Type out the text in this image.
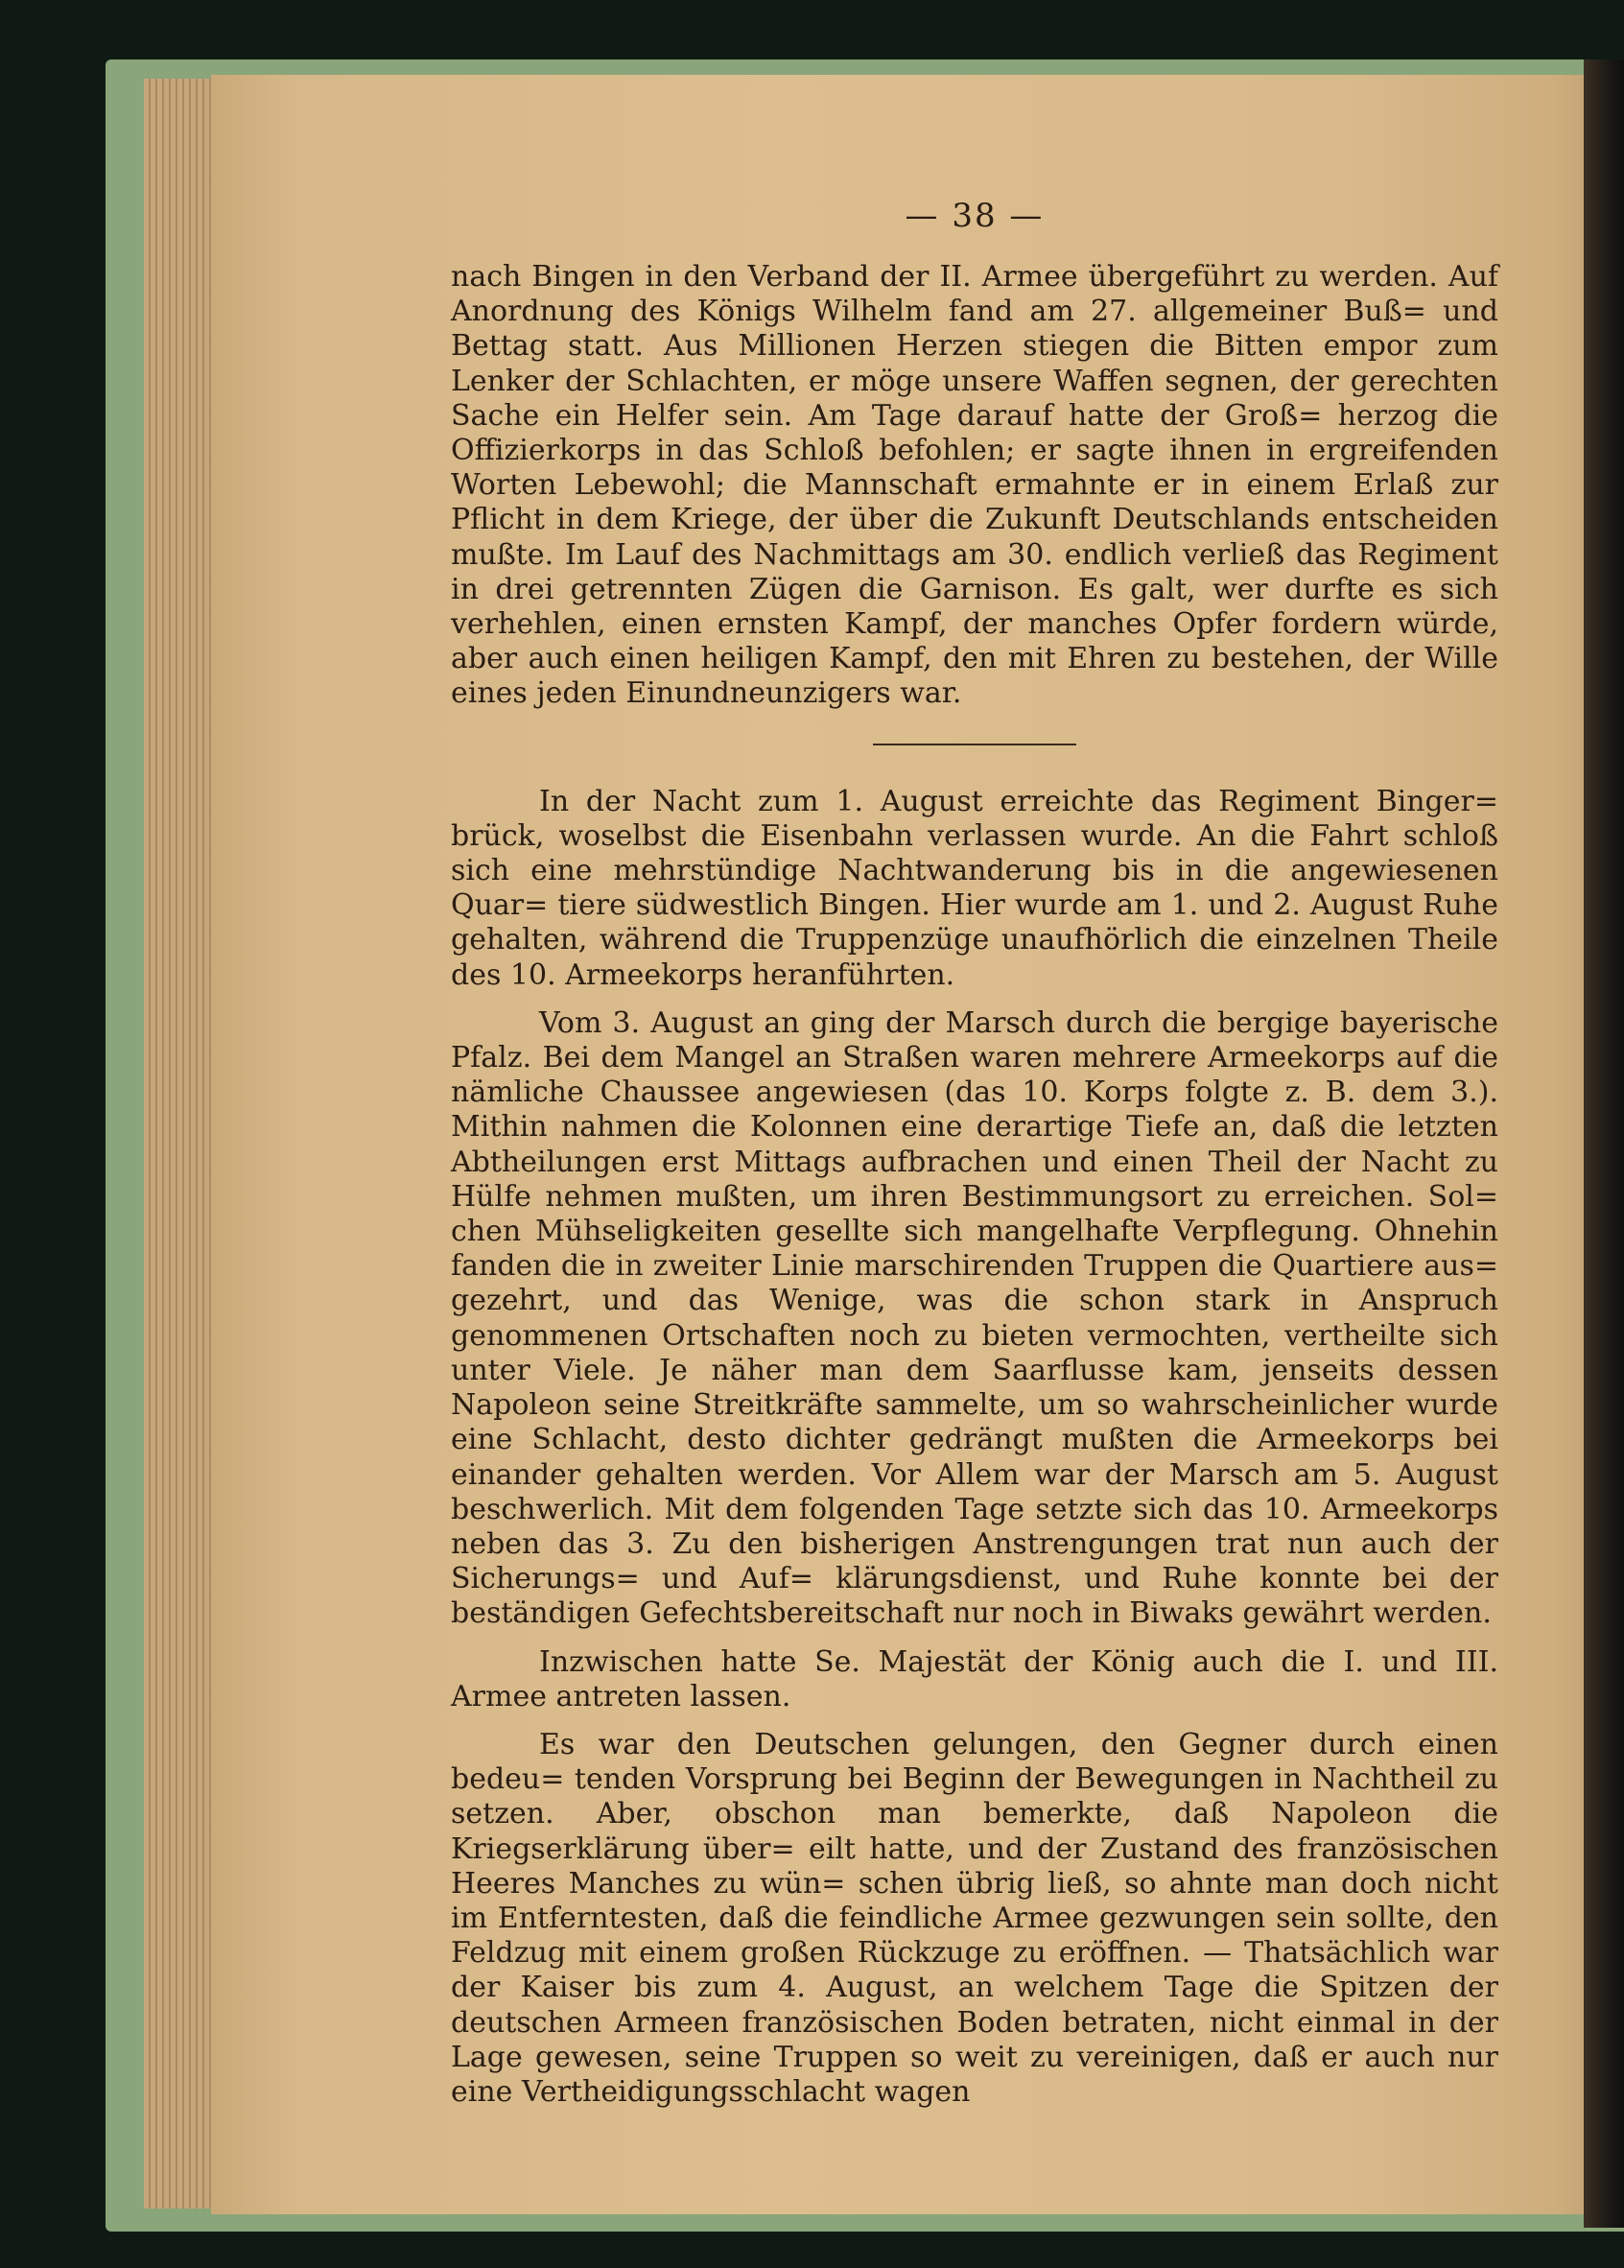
— 38 —

nach Bingen in den Verband der II. Armee übergeführt zu werden. Auf Anordnung des Königs Wilhelm fand am 27. allgemeiner Buß= und Bettag statt. Aus Millionen Herzen stiegen die Bitten empor zum Lenker der Schlachten, er möge unsere Waffen segnen, der gerechten Sache ein Helfer sein. Am Tage darauf hatte der Groß= herzog die Offizierkorps in das Schloß befohlen; er sagte ihnen in ergreifenden Worten Lebewohl; die Mannschaft ermahnte er in einem Erlaß zur Pflicht in dem Kriege, der über die Zukunft Deutschlands entscheiden mußte. Im Lauf des Nachmittags am 30. endlich verließ das Regiment in drei getrennten Zügen die Garnison. Es galt, wer durfte es sich verhehlen, einen ernsten Kampf, der manches Opfer fordern würde, aber auch einen heiligen Kampf, den mit Ehren zu bestehen, der Wille eines jeden Einundneunzigers war.

In der Nacht zum 1. August erreichte das Regiment Binger= brück, woselbst die Eisenbahn verlassen wurde. An die Fahrt schloß sich eine mehrstündige Nachtwanderung bis in die angewiesenen Quar= tiere südwestlich Bingen. Hier wurde am 1. und 2. August Ruhe gehalten, während die Truppenzüge unaufhörlich die einzelnen Theile des 10. Armeekorps heranführten.

Vom 3. August an ging der Marsch durch die bergige bayerische Pfalz. Bei dem Mangel an Straßen waren mehrere Armeekorps auf die nämliche Chaussee angewiesen (das 10. Korps folgte z. B. dem 3.). Mithin nahmen die Kolonnen eine derartige Tiefe an, daß die letzten Abtheilungen erst Mittags aufbrachen und einen Theil der Nacht zu Hülfe nehmen mußten, um ihren Bestimmungsort zu erreichen. Sol= chen Mühseligkeiten gesellte sich mangelhafte Verpflegung. Ohnehin fanden die in zweiter Linie marschirenden Truppen die Quartiere aus= gezehrt, und das Wenige, was die schon stark in Anspruch genommenen Ortschaften noch zu bieten vermochten, vertheilte sich unter Viele. Je näher man dem Saarflusse kam, jenseits dessen Napoleon seine Streitkräfte sammelte, um so wahrscheinlicher wurde eine Schlacht, desto dichter gedrängt mußten die Armeekorps bei einander gehalten werden. Vor Allem war der Marsch am 5. August beschwerlich. Mit dem folgenden Tage setzte sich das 10. Armeekorps neben das 3. Zu den bisherigen Anstrengungen trat nun auch der Sicherungs= und Auf= klärungsdienst, und Ruhe konnte bei der beständigen Gefechtsbereitschaft nur noch in Biwaks gewährt werden.

Inzwischen hatte Se. Majestät der König auch die I. und III. Armee antreten lassen.

Es war den Deutschen gelungen, den Gegner durch einen bedeu= tenden Vorsprung bei Beginn der Bewegungen in Nachtheil zu setzen. Aber, obschon man bemerkte, daß Napoleon die Kriegserklärung über= eilt hatte, und der Zustand des französischen Heeres Manches zu wün= schen übrig ließ, so ahnte man doch nicht im Entferntesten, daß die feindliche Armee gezwungen sein sollte, den Feldzug mit einem großen Rückzuge zu eröffnen. — Thatsächlich war der Kaiser bis zum 4. August, an welchem Tage die Spitzen der deutschen Armeen französischen Boden betraten, nicht einmal in der Lage gewesen, seine Truppen so weit zu vereinigen, daß er auch nur eine Vertheidigungsschlacht wagen
